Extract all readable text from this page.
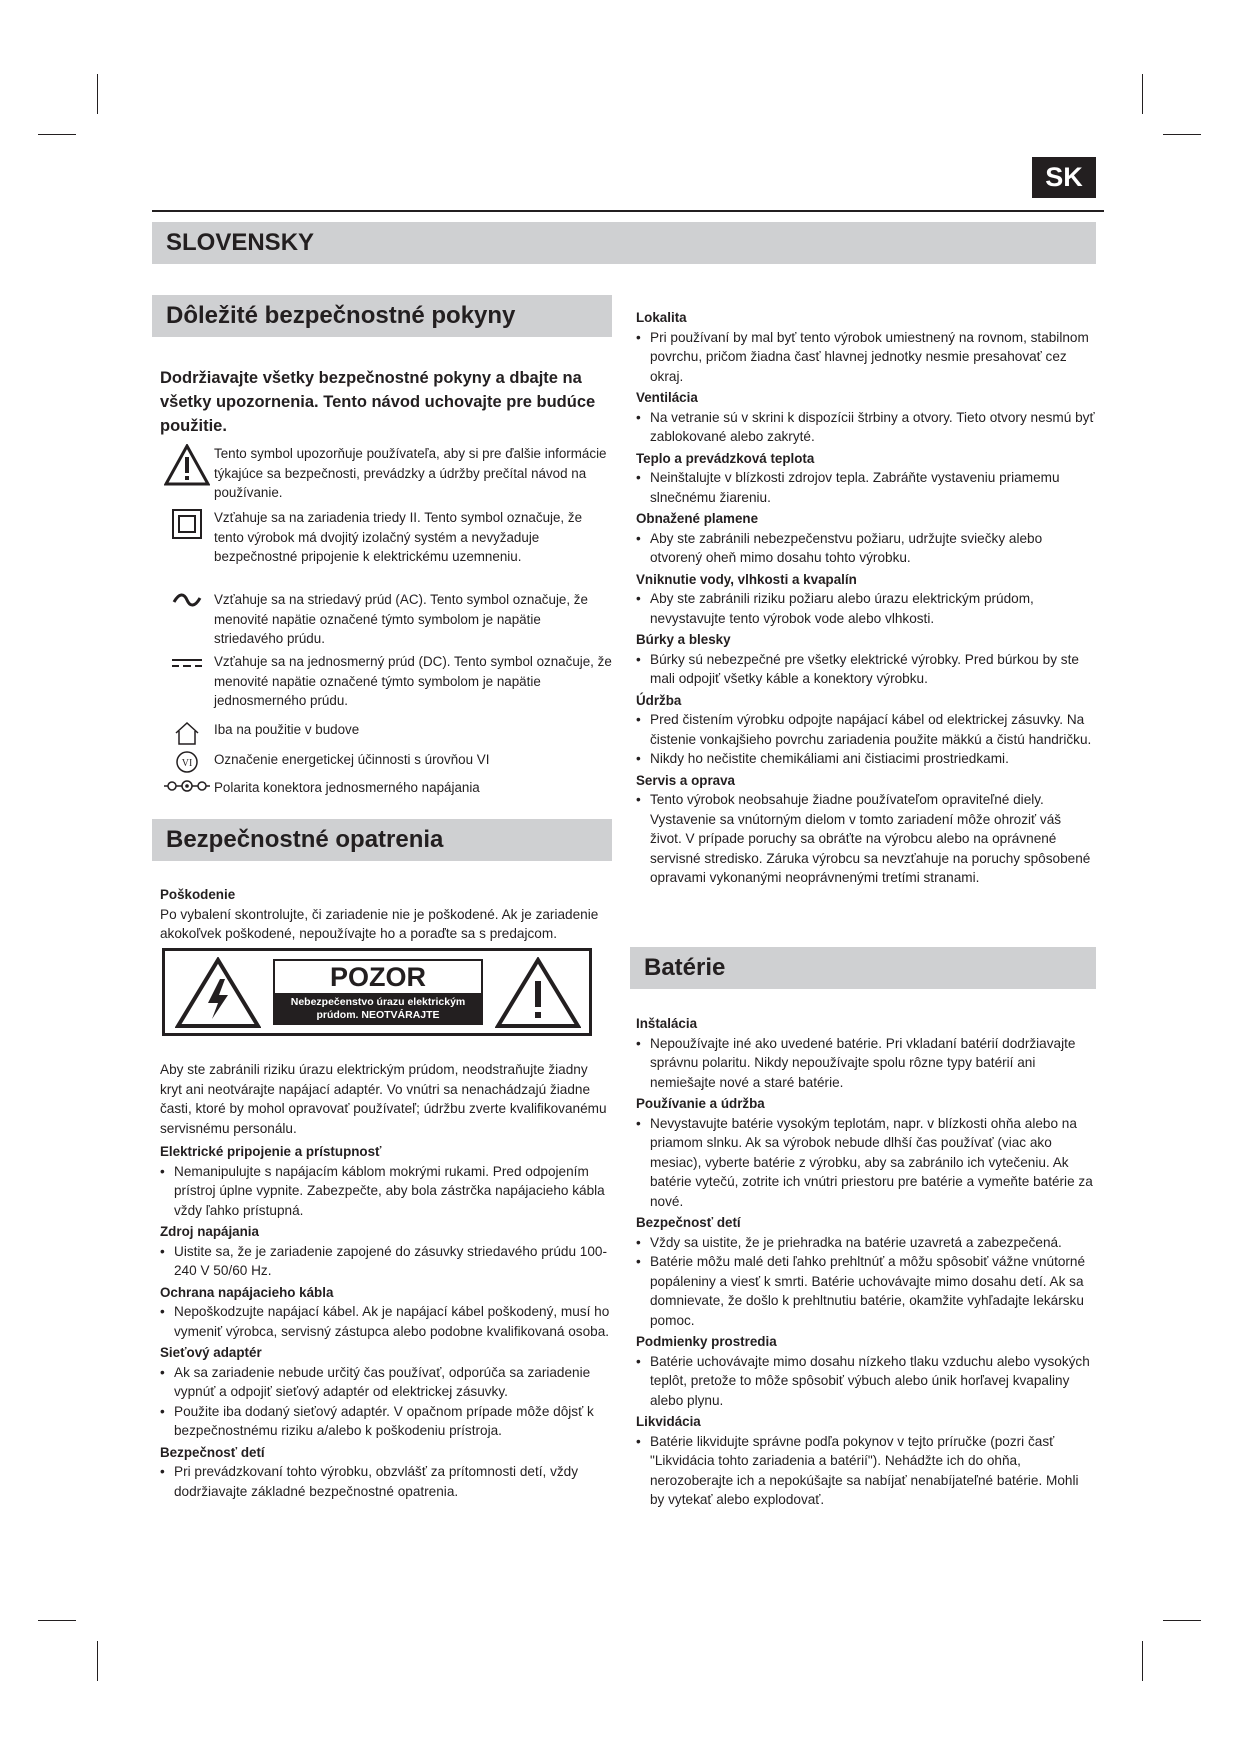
SK
SLOVENSKY
Dôležité bezpečnostné pokyny
Dodržiavajte všetky bezpečnostné pokyny a dbajte na všetky upozornenia. Tento návod uchovajte pre budúce použitie.
Tento symbol upozorňuje používateľa, aby si pre ďalšie informácie týkajúce sa bezpečnosti, prevádzky a údržby prečítal návod na používanie.
Vzťahuje sa na zariadenia triedy II. Tento symbol označuje, že tento výrobok má dvojitý izolačný systém a nevyžaduje bezpečnostné pripojenie k elektrickému uzemneniu.
Vzťahuje sa na striedavý prúd (AC). Tento symbol označuje, že menovité napätie označené týmto symbolom je napätie striedavého prúdu.
Vzťahuje sa na jednosmerný prúd (DC). Tento symbol označuje, že menovité napätie označené týmto symbolom je napätie jednosmerného prúdu.
Iba na použitie v budove
VI Označenie energetickej účinnosti s úrovňou VI
Polarita konektora jednosmerného napájania
Bezpečnostné opatrenia
Poškodenie

Po vybalení skontrolujte, či zariadenie nie je poškodené. Ak je zariadenie akokoľvek poškodené, nepoužívajte ho a poraďte sa s predajcom.

POZOR
Nebezpečenstvo úrazu elektrickým prúdom. NEOTVÁRAJTE

Aby ste zabránili riziku úrazu elektrickým prúdom, neodstraňujte žiadny kryt ani neotvárajte napájací adaptér. Vo vnútri sa nenachádzajú žiadne časti, ktoré by mohol opravovať používateľ; údržbu zverte kvalifikovanému servisnému personálu.

Elektrické pripojenie a prístupnosť
• Nemanipulujte s napájacím káblom mokrými rukami. Pred odpojením prístroj úplne vypnite. Zabezpečte, aby bola zástrčka napájacieho kábla vždy ľahko prístupná.
Zdroj napájania
• Uistite sa, že je zariadenie zapojené do zásuvky striedavého prúdu 100-240 V 50/60 Hz.
Ochrana napájacieho kábla
• Nepoškodzujte napájací kábel. Ak je napájací kábel poškodený, musí ho vymeniť výrobca, servisný zástupca alebo podobne kvalifikovaná osoba.
Sieťový adaptér
• Ak sa zariadenie nebude určitý čas používať, odporúča sa zariadenie vypnúť a odpojiť sieťový adaptér od elektrickej zásuvky.
• Použite iba dodaný sieťový adaptér. V opačnom prípade môže dôjsť k bezpečnostnému riziku a/alebo k poškodeniu prístroja.
Bezpečnosť detí
• Pri prevádzkovaní tohto výrobku, obzvlášť za prítomnosti detí, vždy dodržiavajte základné bezpečnostné opatrenia.
Lokalita
• Pri používaní by mal byť tento výrobok umiestnený na rovnom, stabilnom povrchu, pričom žiadna časť hlavnej jednotky nesmie presahovať cez okraj.
Ventilácia
• Na vetranie sú v skrini k dispozícii štrbiny a otvory. Tieto otvory nesmú byť zablokované alebo zakryté.
Teplo a prevádzková teplota
• Neinštalujte v blízkosti zdrojov tepla. Zabráňte vystaveniu priamemu slnečnému žiareniu.
Obnažené plamene
• Aby ste zabránili nebezpečenstvu požiaru, udržujte sviečky alebo otvorený oheň mimo dosahu tohto výrobku.
Vniknutie vody, vlhkosti a kvapalín
• Aby ste zabránili riziku požiaru alebo úrazu elektrickým prúdom, nevystavujte tento výrobok vode alebo vlhkosti.
Búrky a blesky
• Búrky sú nebezpečné pre všetky elektrické výrobky. Pred búrkou by ste mali odpojiť všetky káble a konektory výrobku.
Údržba
• Pred čistením výrobku odpojte napájací kábel od elektrickej zásuvky. Na čistenie vonkajšieho povrchu zariadenia použite mäkkú a čistú handričku.
• Nikdy ho nečistite chemikáliami ani čistiacimi prostriedkami.
Servis a oprava
• Tento výrobok neobsahuje žiadne používateľom opraviteľné diely. Vystavenie sa vnútorným dielom v tomto zariadení môže ohroziť váš život. V prípade poruchy sa obráťte na výrobcu alebo na oprávnené servisné stredisko. Záruka výrobcu sa nevzťahuje na poruchy spôsobené opravami vykonanými neoprávnenými tretími stranami.
Batérie
Inštalácia
• Nepoužívajte iné ako uvedené batérie. Pri vkladaní batérií dodržiavajte správnu polaritu. Nikdy nepoužívajte spolu rôzne typy batérií ani nemiešajte nové a staré batérie.
Používanie a údržba
• Nevystavujte batérie vysokým teplotám, napr. v blízkosti ohňa alebo na priamom slnku. Ak sa výrobok nebude dlhší čas používať (viac ako mesiac), vyberte batérie z výrobku, aby sa zabránilo ich vytečeniu. Ak batérie vytečú, zotrite ich vnútri priestoru pre batérie a vymeňte batérie za nové.
Bezpečnosť detí
• Vždy sa uistite, že je priehradka na batérie uzavretá a zabezpečená.
• Batérie môžu malé deti ľahko prehltnúť a môžu spôsobiť vážne vnútorné popáleniny a viesť k smrti. Batérie uchovávajte mimo dosahu detí. Ak sa domnievate, že došlo k prehltnutiu batérie, okamžite vyhľadajte lekársku pomoc.
Podmienky prostredia
• Batérie uchovávajte mimo dosahu nízkeho tlaku vzduchu alebo vysokých teplôt, pretože to môže spôsobiť výbuch alebo únik horľavej kvapaliny alebo plynu.
Likvidácia
• Batérie likvidujte správne podľa pokynov v tejto príručke (pozri časť "Likvidácia tohto zariadenia a batérií"). Nehádžte ich do ohňa, nerozoberajte ich a nepokúšajte sa nabíjať nenabíjateľné batérie. Mohli by vytekať alebo explodovať.
